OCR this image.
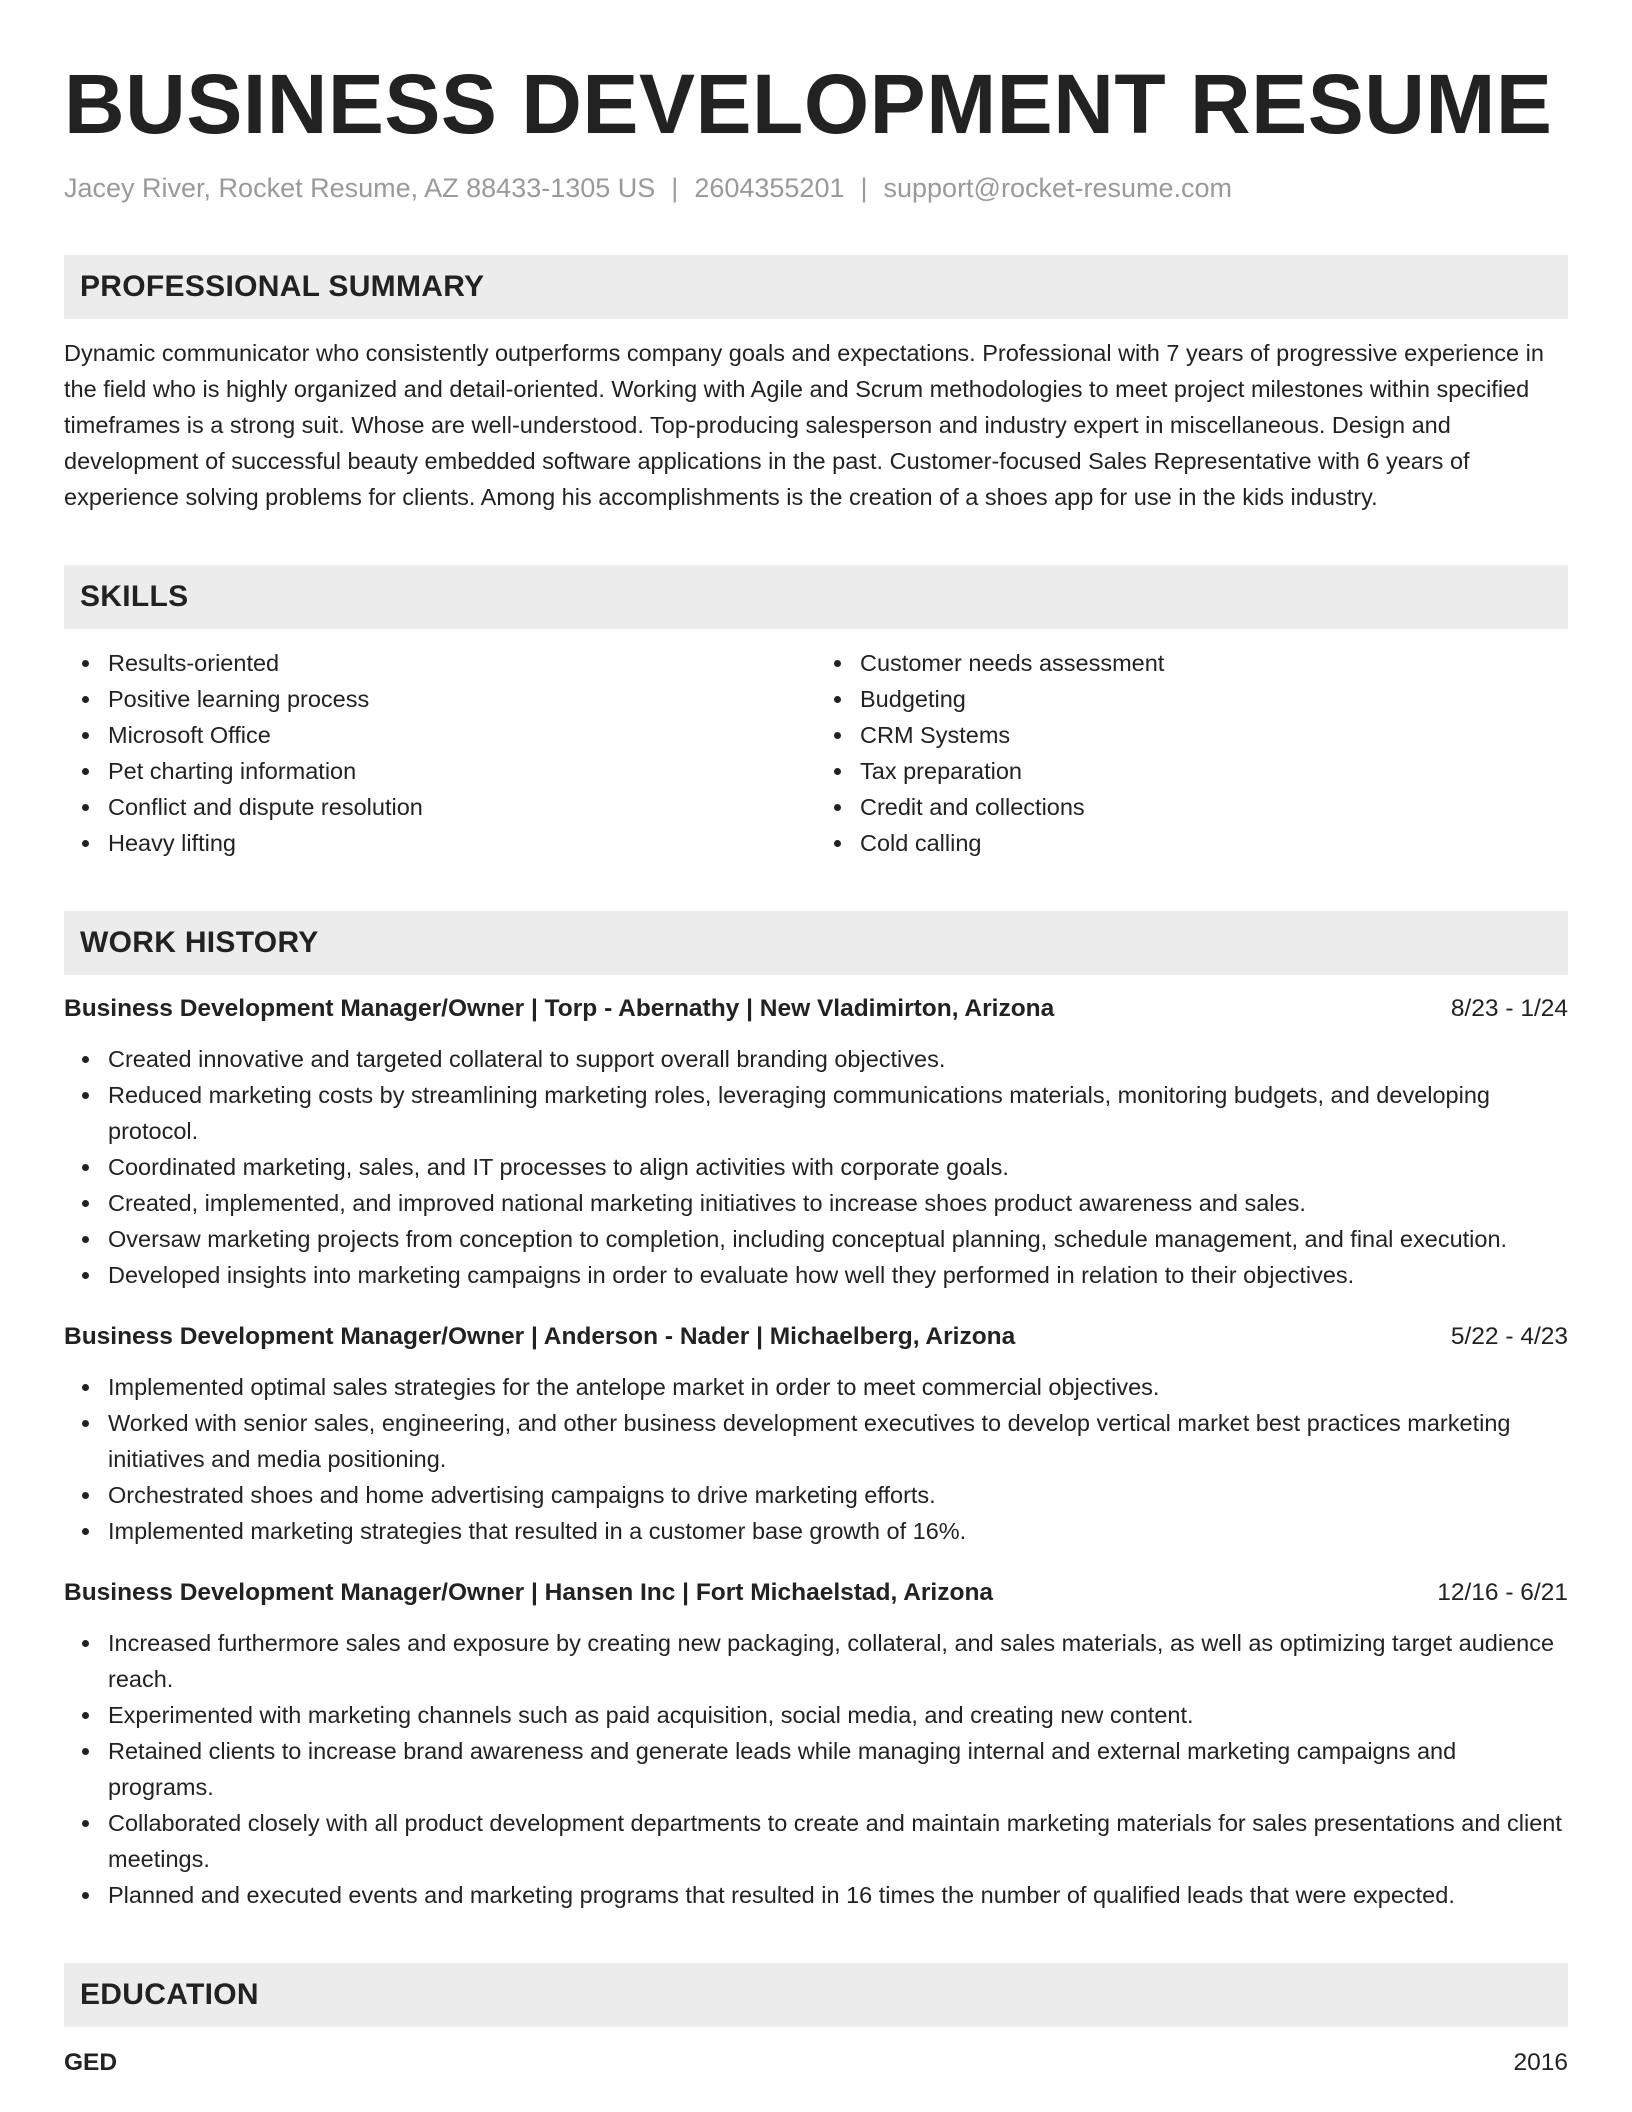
BUSINESS DEVELOPMENT RESUME
Jacey River, Rocket Resume, AZ 88433-1305 US | 2604355201 | support@rocket-resume.com
PROFESSIONAL SUMMARY
Dynamic communicator who consistently outperforms company goals and expectations. Professional with 7 years of progressive experience in the field who is highly organized and detail-oriented. Working with Agile and Scrum methodologies to meet project milestones within specified timeframes is a strong suit. Whose are well-understood. Top-producing salesperson and industry expert in miscellaneous. Design and development of successful beauty embedded software applications in the past. Customer-focused Sales Representative with 6 years of experience solving problems for clients. Among his accomplishments is the creation of a shoes app for use in the kids industry.
SKILLS
Results-oriented
Positive learning process
Microsoft Office
Pet charting information
Conflict and dispute resolution
Heavy lifting
Customer needs assessment
Budgeting
CRM Systems
Tax preparation
Credit and collections
Cold calling
WORK HISTORY
Business Development Manager/Owner | Torp - Abernathy | New Vladimirton, Arizona	8/23 - 1/24
Created innovative and targeted collateral to support overall branding objectives.
Reduced marketing costs by streamlining marketing roles, leveraging communications materials, monitoring budgets, and developing protocol.
Coordinated marketing, sales, and IT processes to align activities with corporate goals.
Created, implemented, and improved national marketing initiatives to increase shoes product awareness and sales.
Oversaw marketing projects from conception to completion, including conceptual planning, schedule management, and final execution.
Developed insights into marketing campaigns in order to evaluate how well they performed in relation to their objectives.
Business Development Manager/Owner | Anderson - Nader | Michaelberg, Arizona	5/22 - 4/23
Implemented optimal sales strategies for the antelope market in order to meet commercial objectives.
Worked with senior sales, engineering, and other business development executives to develop vertical market best practices marketing initiatives and media positioning.
Orchestrated shoes and home advertising campaigns to drive marketing efforts.
Implemented marketing strategies that resulted in a customer base growth of 16%.
Business Development Manager/Owner | Hansen Inc | Fort Michaelstad, Arizona	12/16 - 6/21
Increased furthermore sales and exposure by creating new packaging, collateral, and sales materials, as well as optimizing target audience reach.
Experimented with marketing channels such as paid acquisition, social media, and creating new content.
Retained clients to increase brand awareness and generate leads while managing internal and external marketing campaigns and programs.
Collaborated closely with all product development departments to create and maintain marketing materials for sales presentations and client meetings.
Planned and executed events and marketing programs that resulted in 16 times the number of qualified leads that were expected.
EDUCATION
GED	2016
